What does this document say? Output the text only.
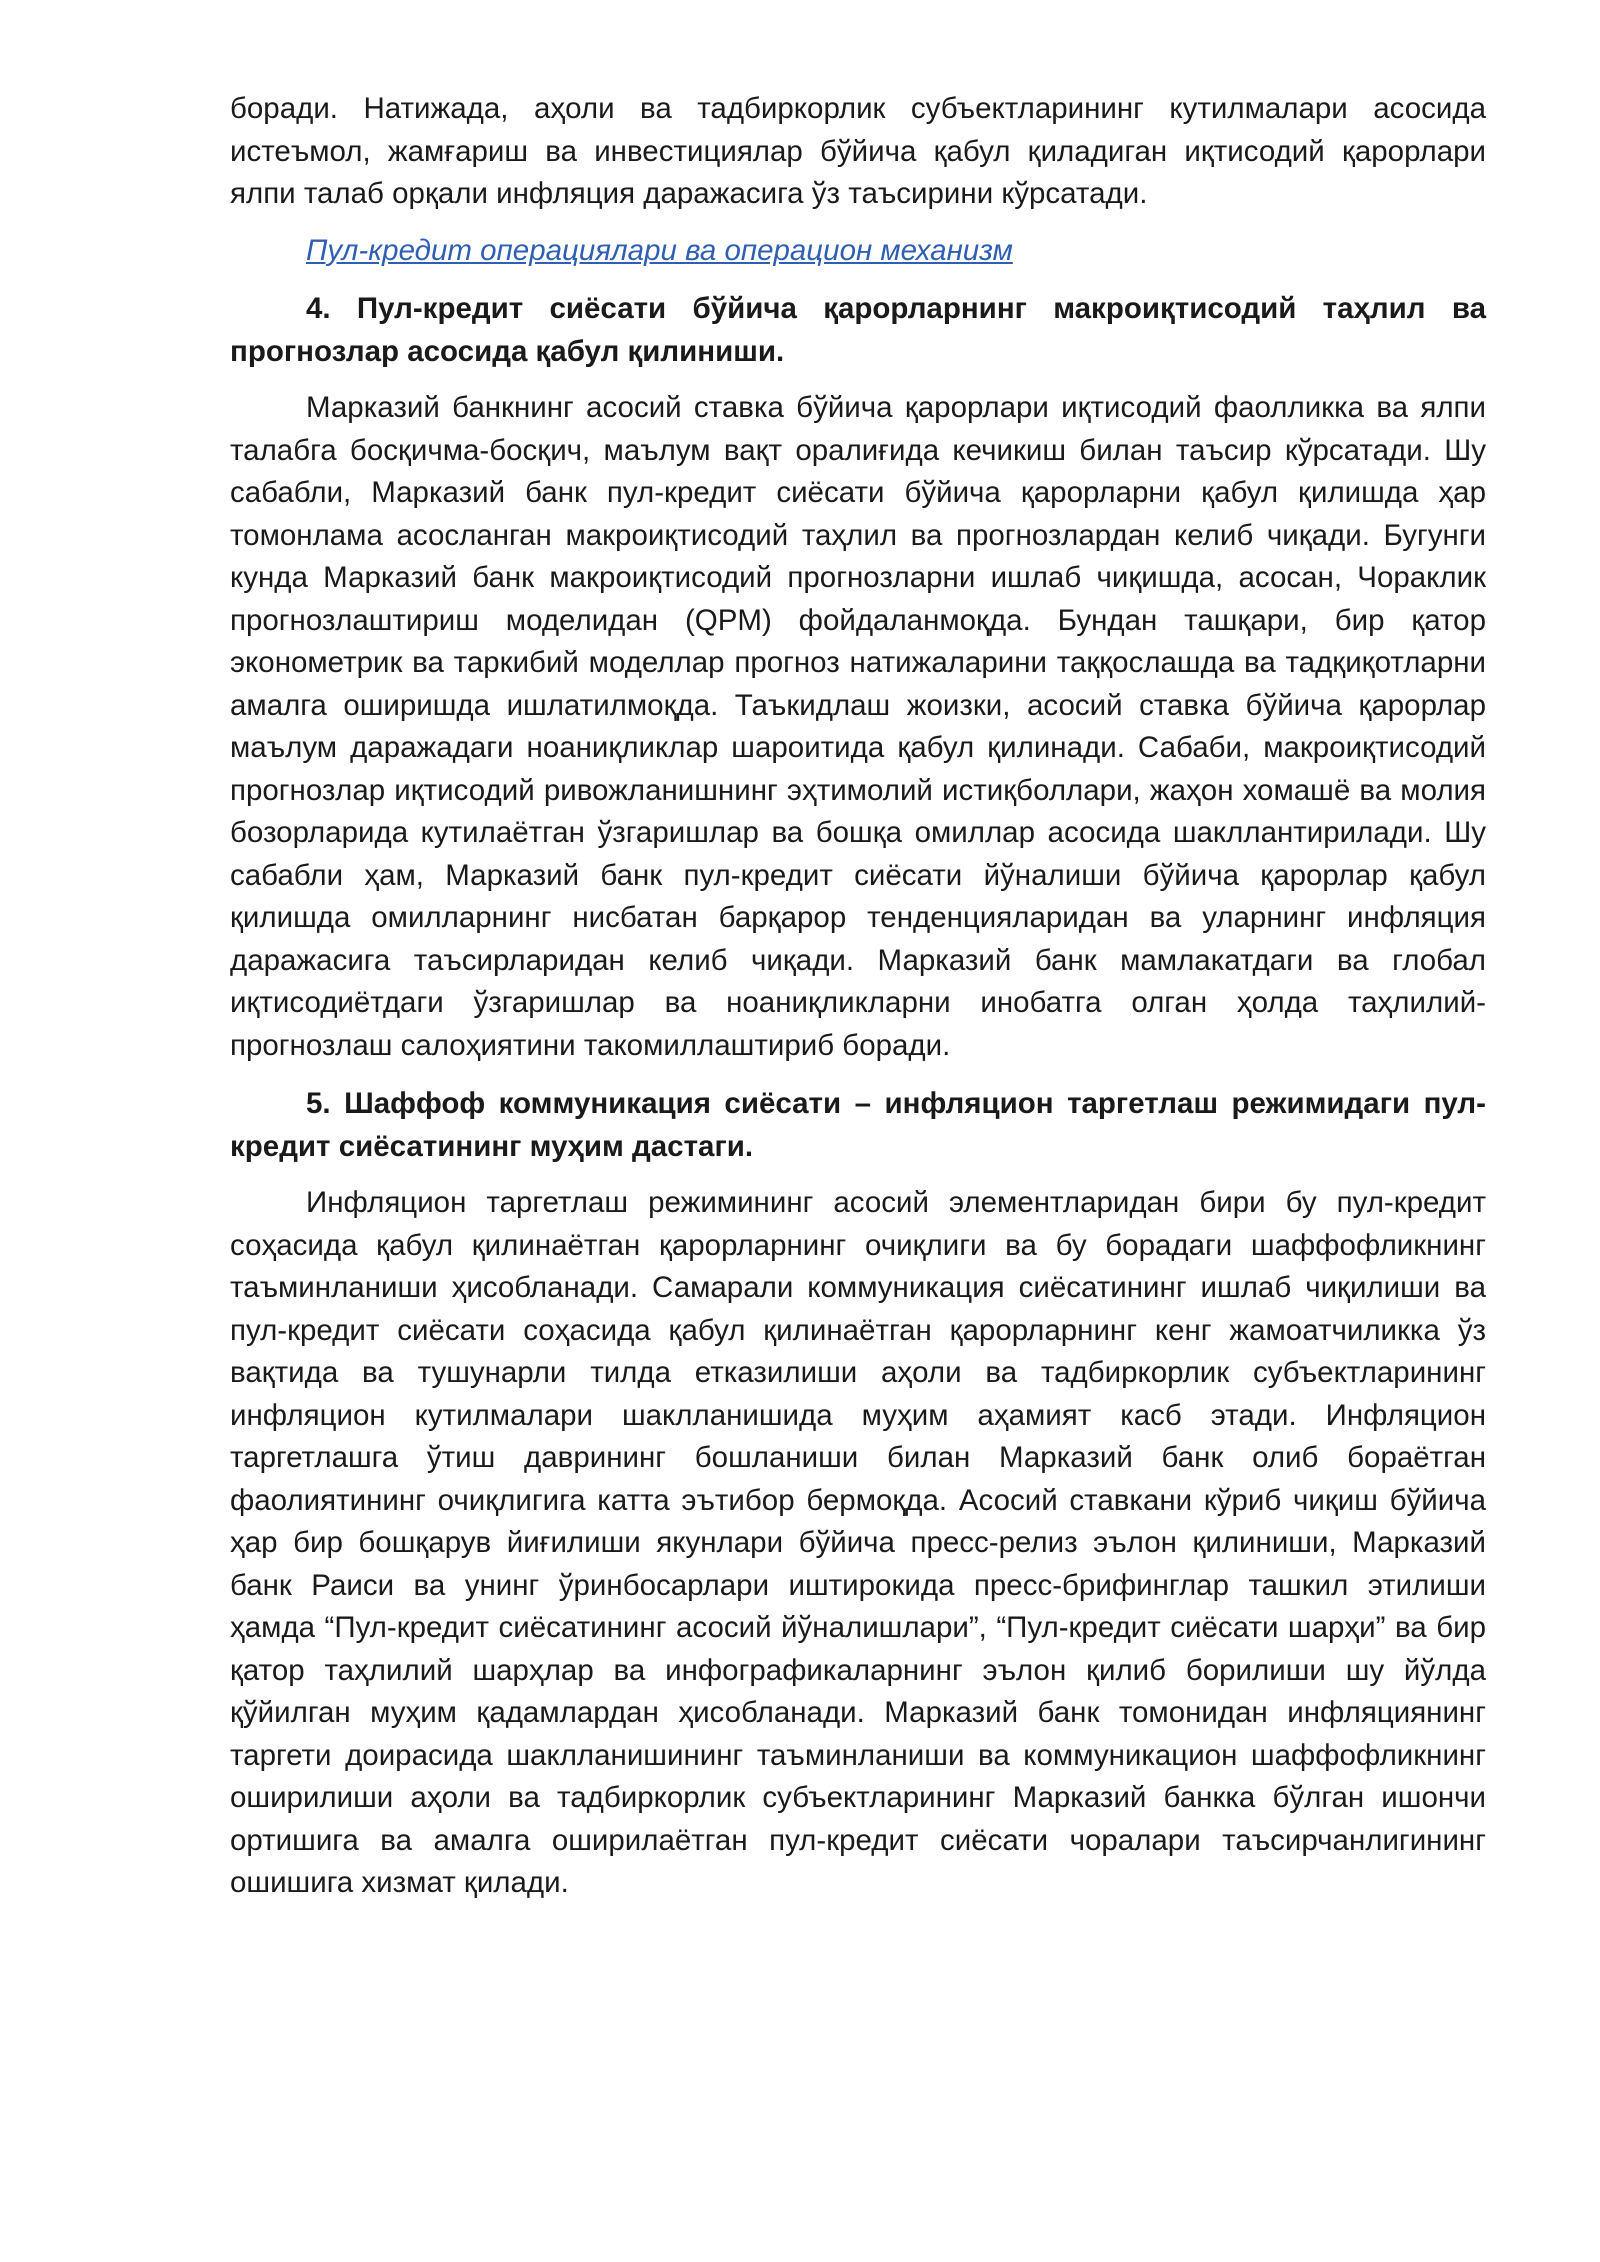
боради. Натижада, аҳоли ва тадбиркорлик субъектларининг кутилмалари асосида истеъмол, жамғариш ва инвестициялар бўйича қабул қиладиган иқтисодий қарорлари ялпи талаб орқали инфляция даражасига ўз таъсирини кўрсатади.

Пул-кредит операциялари ва операцион механизм

4. Пул-кредит сиёсати бўйича қарорларнинг макроиқтисодий таҳлил ва прогнозлар асосида қабул қилиниши.

Марказий банкнинг асосий ставка бўйича қарорлари иқтисодий фаолликка ва ялпи талабга босқичма-босқич, маълум вақт оралиғида кечикиш билан таъсир кўрсатади. Шу сабабли, Марказий банк пул-кредит сиёсати бўйича қарорларни қабул қилишда ҳар томонлама асосланган макроиқтисодий таҳлил ва прогнозлардан келиб чиқади. Бугунги кунда Марказий банк макроиқтисодий прогнозларни ишлаб чиқишда, асосан, Чораклик прогнозлаштириш моделидан (QPM) фойдаланмоқда. Бундан ташқари, бир қатор эконометрик ва таркибий моделлар прогноз натижаларини таққослашда ва тадқиқотларни амалга оширишда ишлатилмоқда. Таъкидлаш жоизки, асосий ставка бўйича қарорлар маълум даражадаги ноаниқликлар шароитида қабул қилинади. Сабаби, макроиқтисодий прогнозлар иқтисодий ривожланишнинг эҳтимолий истиқболлари, жаҳон хомашё ва молия бозорларида кутилаётган ўзгаришлар ва бошқа омиллар асосида шакллантирилади. Шу сабабли ҳам, Марказий банк пул-кредит сиёсати йўналиши бўйича қарорлар қабул қилишда омилларнинг нисбатан барқарор тенденцияларидан ва уларнинг инфляция даражасига таъсирларидан келиб чиқади. Марказий банк мамлакатдаги ва глобал иқтисодиётдаги ўзгаришлар ва ноаниқликларни инобатга олган ҳолда таҳлилий-прогнозлаш салоҳиятини такомиллаштириб боради.

5. Шаффоф коммуникация сиёсати – инфляцион таргетлаш режимидаги пул-кредит сиёсатининг муҳим дастаги.

Инфляцион таргетлаш режимининг асосий элементларидан бири бу пул-кредит соҳасида қабул қилинаётган қарорларнинг очиқлиги ва бу борадаги шаффофликнинг таъминланиши ҳисобланади. Самарали коммуникация сиёсатининг ишлаб чиқилиши ва пул-кредит сиёсати соҳасида қабул қилинаётган қарорларнинг кенг жамоатчиликка ўз вақтида ва тушунарли тилда етказилиши аҳоли ва тадбиркорлик субъектларининг инфляцион кутилмалари шаклланишида муҳим аҳамият касб этади. Инфляцион таргетлашга ўтиш даврининг бошланиши билан Марказий банк олиб бораётган фаолиятининг очиқлигига катта эътибор бермоқда. Асосий ставкани кўриб чиқиш бўйича ҳар бир бошқарув йиғилиши якунлари бўйича пресс-релиз эълон қилиниши, Марказий банк Раиси ва унинг ўринбосарлари иштирокида пресс-брифинглар ташкил этилиши ҳамда “Пул-кредит сиёсатининг асосий йўналишлари”, “Пул-кредит сиёсати шарҳи” ва бир қатор таҳлилий шарҳлар ва инфографикаларнинг эълон қилиб борилиши шу йўлда қўйилган муҳим қадамлардан ҳисобланади. Марказий банк томонидан инфляциянинг таргети доирасида шаклланишининг таъминланиши ва коммуникацион шаффофликнинг оширилиши аҳоли ва тадбиркорлик субъектларининг Марказий банкка бўлган ишончи ортишига ва амалга оширилаётган пул-кредит сиёсати чоралари таъсирчанлигининг ошишига хизмат қилади.
